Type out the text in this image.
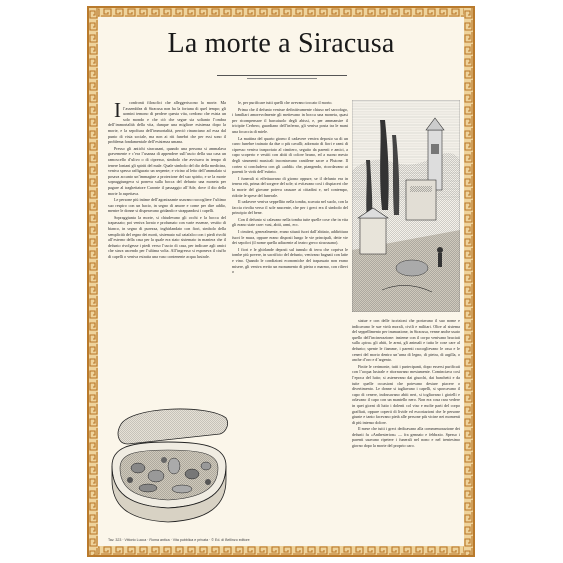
La morte a Siracusa

I confronti filosofici che alleggeriscono la morte. Ma l’assemblea di Siracusa non ha la fortuna di quel tempo; gli uomini temono di perdere questa vita, credono che esista un solo mondo e che ciò che segue sia soltanto l’ombra dell’immortalità della vita, dunque una migliore esistenza dopo la morte, e la sepoltura dell’immortalità, perciò rinunciano ad essa dal punto di vista sociale, ma non ai riti funebri che per essi sono il problema fondamentale dell’esistenza umana.

Presso gli antichi siracusani, quando una persona si ammalava gravemente e c’era l’usanza di appendere sull’uscio della sua casa un ramoscello d’ulivo o di cipresso, simbolo che avvisava in tempo di tenere lontani gli spiriti del male. Quale simbolo del dio della medicina, veniva spesso raffigurato un serpente; e vicino al letto dell’ammalato si posava accanto un’immagine a protezione del suo spirito, e se la morte sopraggiungeva si poneva sulla bocca del defunto una moneta per pagare al traghettatore Caronte il passaggio all’Ade, dove il dio della morte lo aspettava.

Le persone più intime dell’agonizzante usavano raccogliere l’ultimo suo respiro con un bacio, in segno di amore e come per dire addio, mentre le donne si disperavano gridando e strappandosi i capelli.

Sopraggiunta la morte, si chiudevano gli occhi e la bocca del trapassato; poi veniva lavato e profumato con varie essenze, vestito di bianco, in segno di purezza, inghirlandato con fiori, simbolo della semplicità del regno dei morti, sistemato sul catafalco con i piedi rivolti all’esterno della casa per la quale era stato sistemato in maniera che il defunto rivolgesse i piedi verso l’uscio di casa, per indicare agli amici che stava uscendo per l’ultima volta. All’ingresso si esponeva il ciuffo di capelli o veniva estratta una vaso contenente acqua lustrale.

le, per purificare tutti quelli che avevano toccato il morto.

Prima che il defunto venisse definitivamente chiuso nel sarcofago, i familiari amorevolmente gli mettevano in bocca una moneta, quasi per ricompensare il barcaiuolo degli abissi, e, per ammansire il tricipite Cerbero, guardiano dell’inferno, gli veniva posta tra le mani una focaccia di miele.

La mattina del quarto giorno il cadavere veniva deposto su di un carro funebre trainato da due o più cavalli; adornato di fiori e rami di cipresso veniva trasportato al cimitero, seguito da parenti e amici, a capo scoperto e vestiti con abiti di colore bruno, ed a suono mesto degli strumenti musicali incontravano cantilene sacre a Plutone. Il corteo si concludeva con gli «addii» che, piangendo, ricordavano ai parenti le virtù dell’estinto.

I funerali si effettuavano di giorno oppure, se il defunto era in tenera età, prima del sorgere del sole; si evitavano così i dispiaceri che la morte del giovane poteva causare ai cittadini e, nel contempo, ridotte le spese del funerale.

Il cadavere veniva seppellito nella tomba, scavata nel suolo, con la faccia rivolta verso il sole nascente, che per i greci era il simbolo del principio del bene.

Con il defunto si calavano nella tomba tutte quelle cose che in vita gli erano state care: vasi, abiti, armi, ecc.

I cimiteri, generalmente, erano situati fuori dall’abitato, addirittura fuori le mura, oppure erano disposti lungo le vie principali, dette vie dei sepolcri (il nome quella adiacente al teatro greco siracusano).

I fiori e le ghirlande deposti sul tumulo di terra che copriva le tombe più povere, in sacrificio del defunto, venivano bagnati con latte e vino. Quando le condizioni economiche del trapassato non erano misere, gli veniva eretto un monumento di pietra o marmo, con rilievi o

statue e con delle iscrizioni che portavano il suo nome e indicavano le sue virtù morali, civili e militari. Oltre al sistema del seppellimento per inumazione, in Siracusa, venne anche usato quello dell’incinerazione: insieme con il corpo venivano bruciati sulla «pira» gli abiti, le armi, gli animali e tutta le cose care al defunto; spente le fiamme, i parenti raccoglievano le ossa e le ceneri del morto dentro un’urna di legno, di pietra, di argilla, o anche d’oro e d’argento.

Finite le cerimonie, tutti i partecipanti, dopo essersi purificati con l’acqua lustrale e ritornavano mestamente. Cominciava così l’epoca del lutto; si astenevano dai giuochi, dai banchetti e da tutte quelle occasioni che potevano destare piacere o divertimento. Le donne si tagliavano i capelli, si sporcavano il capo di cenere, indossavano abiti neri, si togliavano i gioielli e orlavano il capo con un mantello nero. Non era cosa rara vedere in quei giorni di lutto i dolenti col viso e molte parti del corpo graffiati, oppure coperti di livide ed escoriazioni che le persone giunte e tanto facevano pietà alle persone più vicine nei momenti di più intenso dolore.

Il mese che tutti i greci dedicavano alla commemorazione dei defunti fu «Anthesterion» — fra gennaio e febbraio. Spesso i parenti usavano ripetere i funerali nel nono e nel trentesimo giorno dopo la morte del proprio caro.

Tav. 323 · Vittorio Lucca · Roma antica · Vita pubblica e privata · © Ed. di Bellinzo editore
